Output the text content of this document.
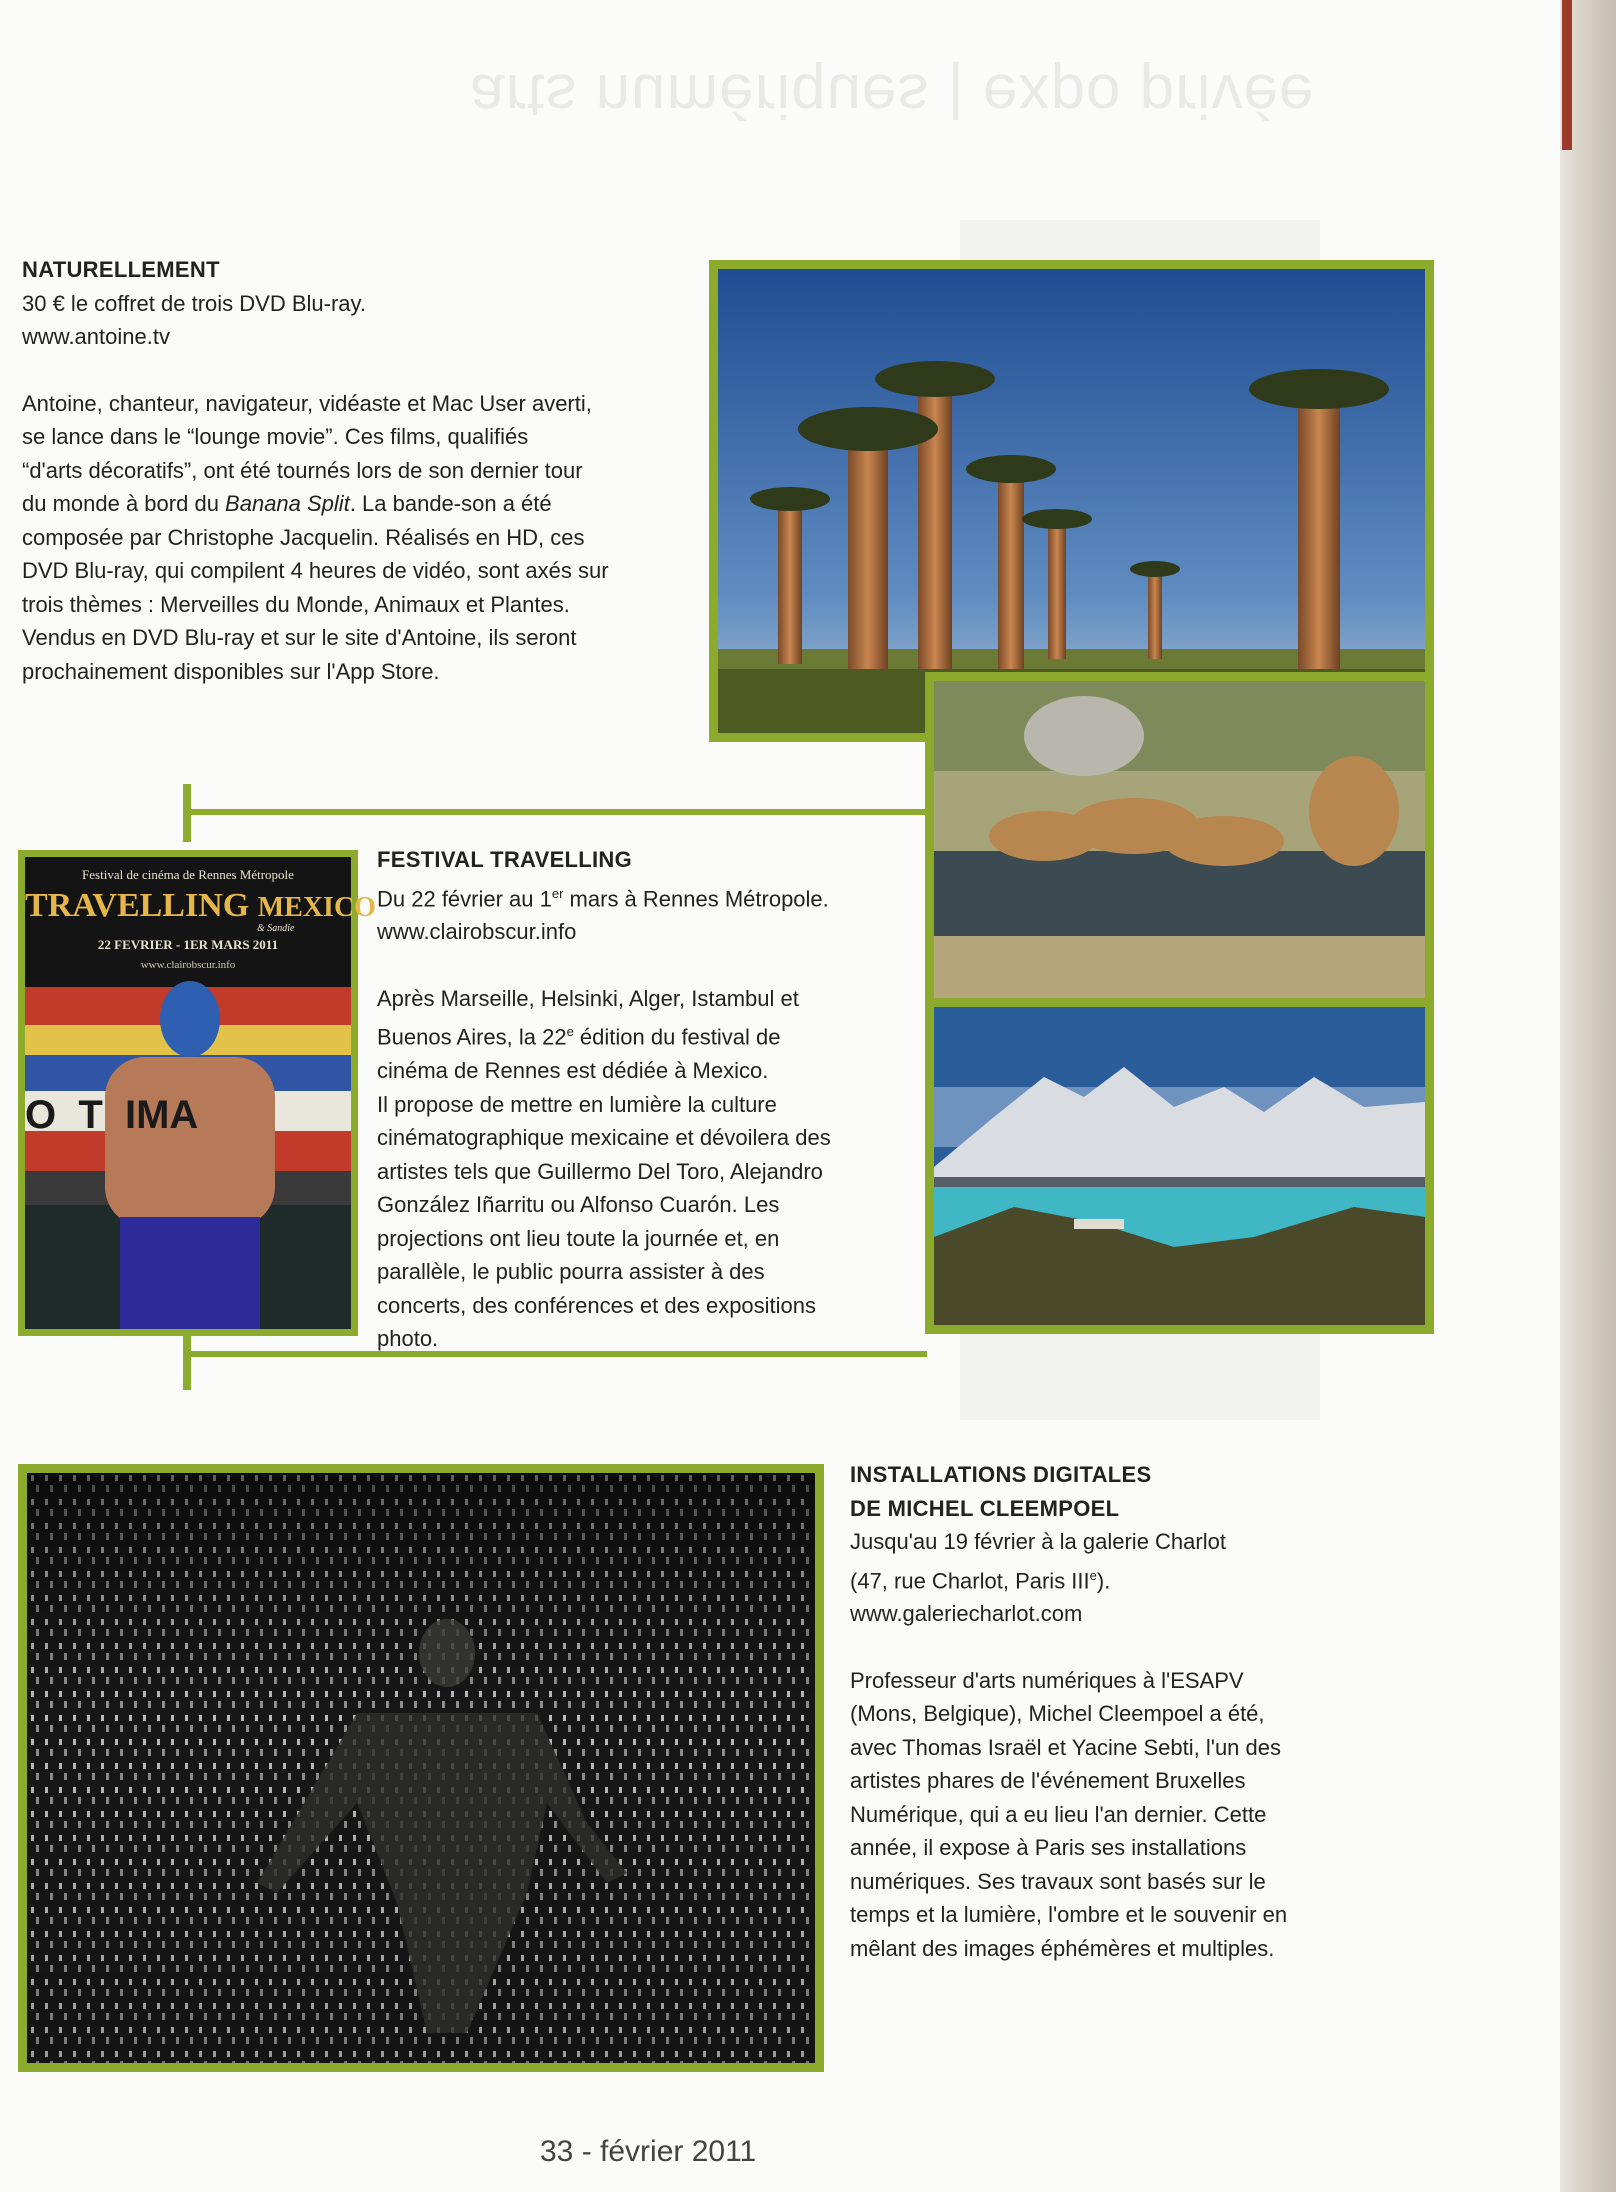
arts numériques | expo privée
NATURELLEMENT
30 € le coffret de trois DVD Blu-ray.
www.antoine.tv

Antoine, chanteur, navigateur, vidéaste et Mac User averti,

se lance dans le “lounge movie”. Ces films, qualifiés

“d'arts décoratifs”, ont été tournés lors de son dernier tour

du monde à bord du Banana Split. La bande-son a été

composée par Christophe Jacquelin. Réalisés en HD, ces

DVD Blu-ray, qui compilent 4 heures de vidéo, sont axés sur

trois thèmes : Merveilles du Monde, Animaux et Plantes.

Vendus en DVD Blu-ray et sur le site d'Antoine, ils seront

prochainement disponibles sur l'App Store.

Festival de cinéma de Rennes Métropole
TRAVELLING MEXICO
& Sandie
22 FEVRIER - 1ER MARS 2011
www.clairobscur.info
O  T  IMA
FESTIVAL TRAVELLING
Du 22 février au 1er mars à Rennes Métropole.
www.clairobscur.info

Après Marseille, Helsinki, Alger, Istambul et

Buenos Aires, la 22e édition du festival de

cinéma de Rennes est dédiée à Mexico.

Il propose de mettre en lumière la culture

cinématographique mexicaine et dévoilera des

artistes tels que Guillermo Del Toro, Alejandro

González Iñarritu ou Alfonso Cuarón. Les

projections ont lieu toute la journée et, en

parallèle, le public pourra assister à des

concerts, des conférences et des expositions

photo.

INSTALLATIONS DIGITALES
DE MICHEL CLEEMPOEL
Jusqu'au 19 février à la galerie Charlot
(47, rue Charlot, Paris IIIe).
www.galeriecharlot.com

Professeur d'arts numériques à l'ESAPV

(Mons, Belgique), Michel Cleempoel a été,

avec Thomas Israël et Yacine Sebti, l'un des

artistes phares de l'événement Bruxelles

Numérique, qui a eu lieu l'an dernier. Cette

année, il expose à Paris ses installations

numériques. Ses travaux sont basés sur le

temps et la lumière, l'ombre et le souvenir en

mêlant des images éphémères et multiples.

33 - février 2011
